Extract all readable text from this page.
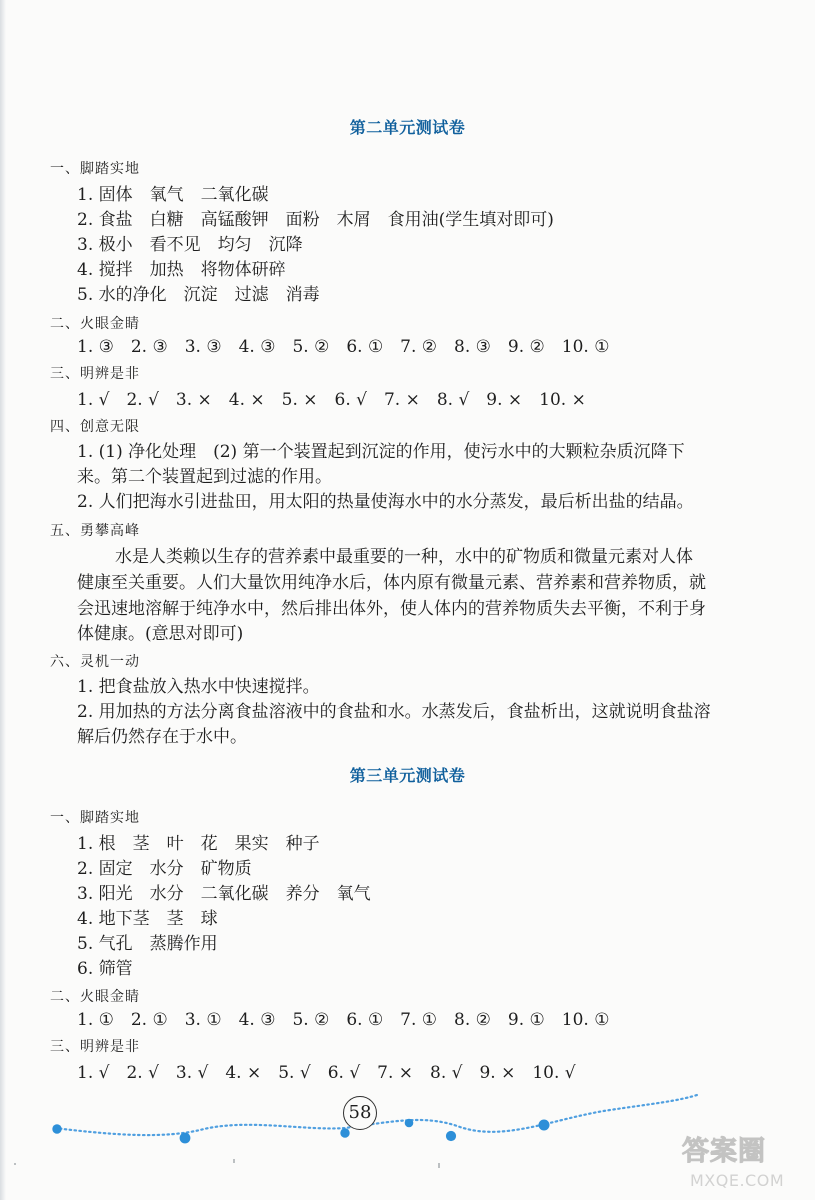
第二单元测试卷
一、脚踏实地
1. 固体　氧气　二氧化碳
2. 食盐　白糖　高锰酸钾　面粉　木屑　食用油(学生填对即可)
3. 极小　看不见　均匀　沉降
4. 搅拌　加热　将物体研碎
5. 水的净化　沉淀　过滤　消毒
二、火眼金睛
1. ③　2. ③　3. ③　4. ③　5. ②　6. ①　7. ②　8. ③　9. ②　10. ①
三、明辨是非
1. √　2. √　3. ×　4. ×　5. ×　6. √　7. ×　8. √　9. ×　10. ×
四、创意无限
1. (1) 净化处理　(2) 第一个装置起到沉淀的作用，使污水中的大颗粒杂质沉降下
来。第二个装置起到过滤的作用。
2. 人们把海水引进盐田，用太阳的热量使海水中的水分蒸发，最后析出盐的结晶。
五、勇攀高峰
水是人类赖以生存的营养素中最重要的一种，水中的矿物质和微量元素对人体
健康至关重要。人们大量饮用纯净水后，体内原有微量元素、营养素和营养物质，就
会迅速地溶解于纯净水中，然后排出体外，使人体内的营养物质失去平衡，不利于身
体健康。(意思对即可)
六、灵机一动
1. 把食盐放入热水中快速搅拌。
2. 用加热的方法分离食盐溶液中的食盐和水。水蒸发后，食盐析出，这就说明食盐溶
解后仍然存在于水中。
第三单元测试卷
一、脚踏实地
1. 根　茎　叶　花　果实　种子
2. 固定　水分　矿物质
3. 阳光　水分　二氧化碳　养分　氧气
4. 地下茎　茎　球
5. 气孔　蒸腾作用
6. 筛管
二、火眼金睛
1. ①　2. ①　3. ①　4. ③　5. ②　6. ①　7. ①　8. ②　9. ①　10. ①
三、明辨是非
1. √　2. √　3. √　4. ×　5. √　6. √　7. ×　8. √　9. ×　10. √
58
答案圈
MXQE.COM
